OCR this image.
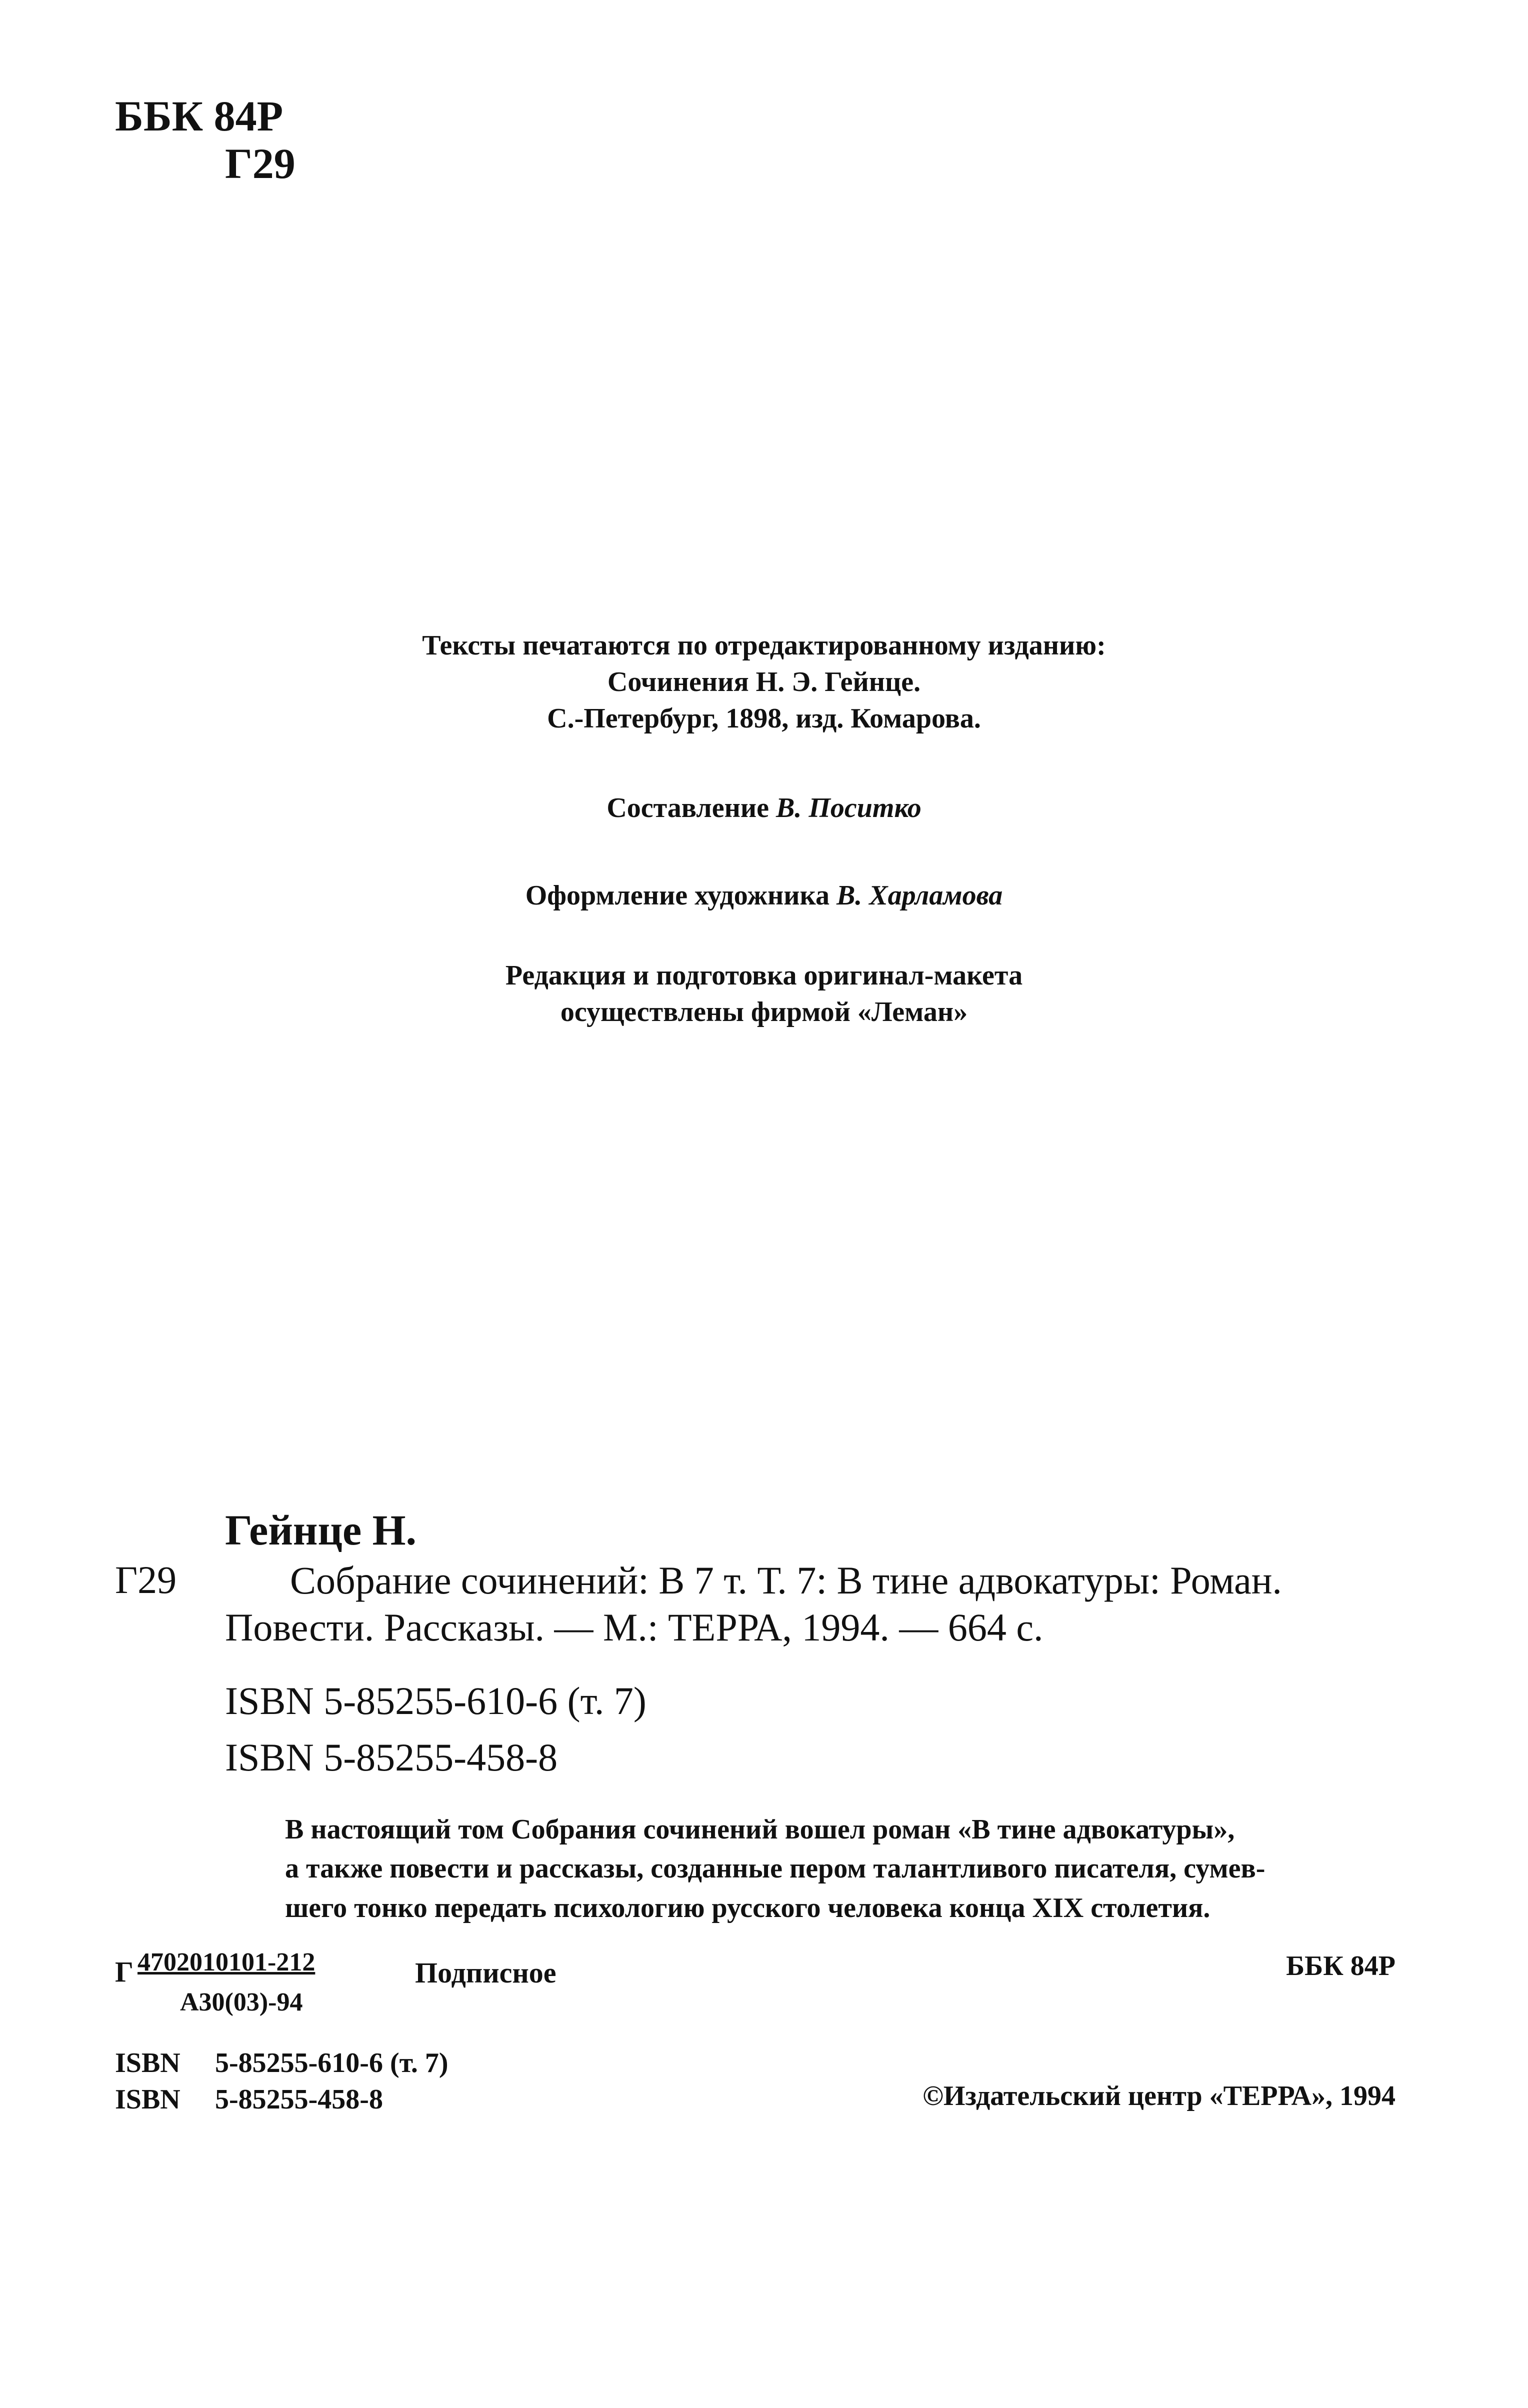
ББК 84Р
Г29
Тексты печатаются по отредактированному изданию:
Сочинения Н. Э. Гейнце.
С.-Петербург, 1898, изд. Комарова.
Составление В. Поситко
Оформление художника В. Харламова
Редакция и подготовка оригинал-макета
осуществлены фирмой «Леман»
Гейнце Н.
Г29	Собрание сочинений: В 7 т. Т. 7: В тине адвокатуры: Роман.
Повести. Рассказы. — М.: ТЕРРА, 1994. — 664 с.
ISBN 5-85255-610-6 (т. 7)
ISBN 5-85255-458-8
В настоящий том Собрания сочинений вошел роман «В тине адвокатуры»,
а также повести и рассказы, созданные пером талантливого писателя, сумев-
шего тонко передать психологию русского человека конца XIX столетия.
Г 4702010101-212	Подписное
А30(03)-94
ББК 84Р
ISBN 5-85255-610-6 (т. 7)
ISBN 5-85255-458-8	©Издательский центр «ТЕРРА», 1994
